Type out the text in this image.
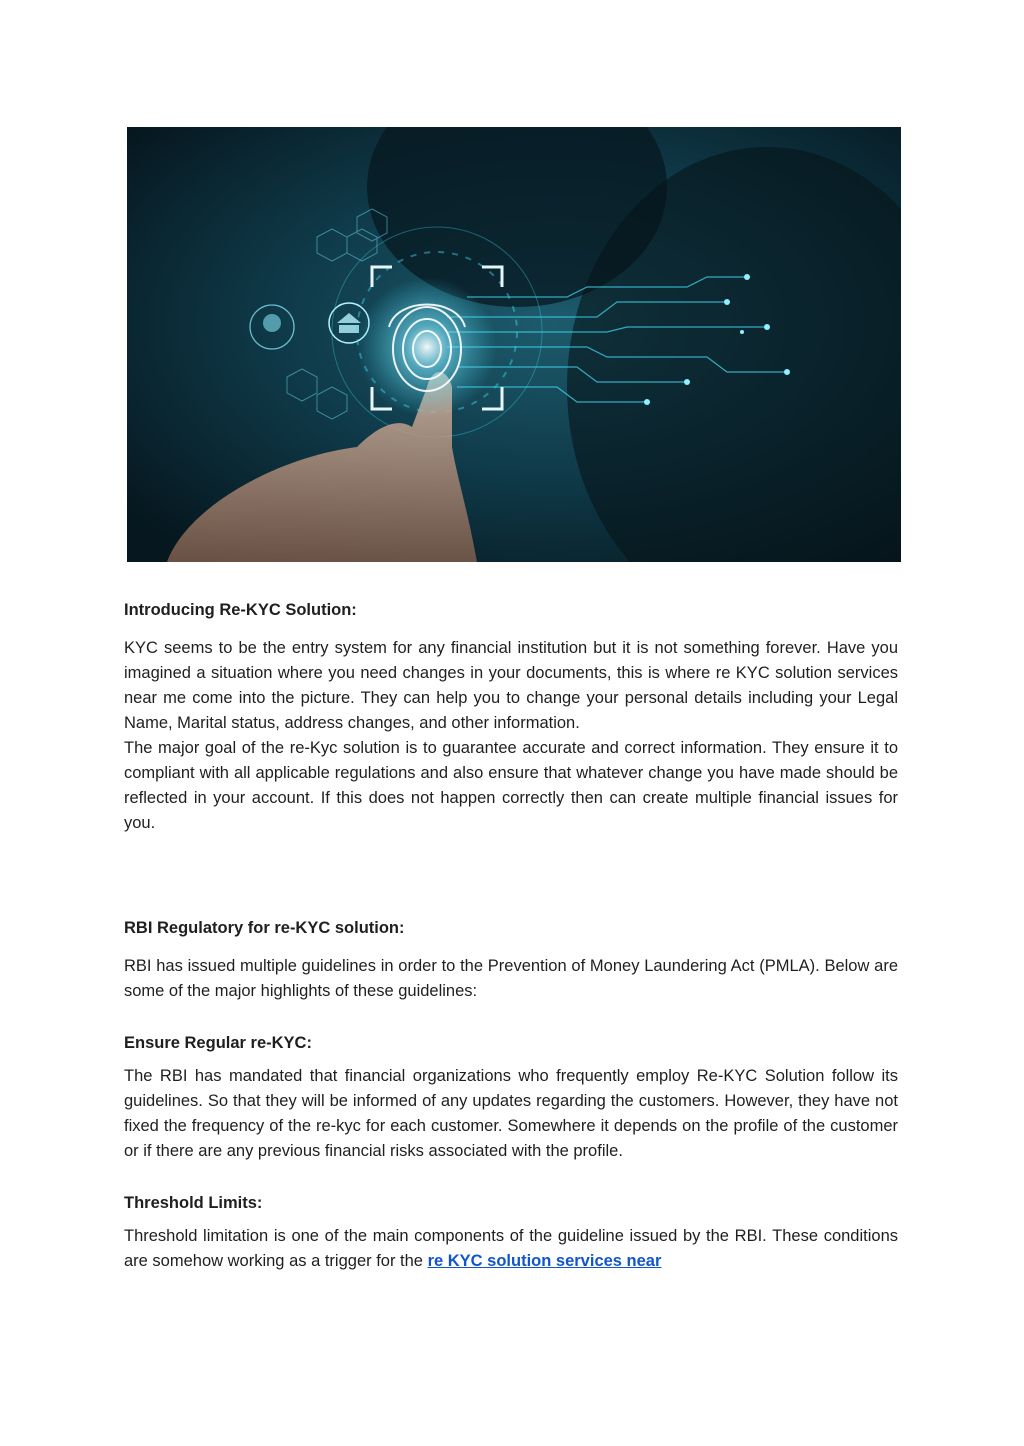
Introducing Re-KYC Solution:

KYC seems to be the entry system for any financial institution but it is not something forever. Have you imagined a situation where you need changes in your documents, this is where re KYC solution services near me come into the picture. They can help you to change your personal details including your Legal Name, Marital status, address changes, and other information.

The major goal of the re-Kyc solution is to guarantee accurate and correct information. They ensure it to compliant with all applicable regulations and also ensure that whatever change you have made should be reflected in your account. If this does not happen correctly then can create multiple financial issues for you.

RBI Regulatory for re-KYC solution:

RBI has issued multiple guidelines in order to the Prevention of Money Laundering Act (PMLA). Below are some of the major highlights of these guidelines:

Ensure Regular re-KYC:

The RBI has mandated that financial organizations who frequently employ Re-KYC Solution follow its guidelines. So that they will be informed of any updates regarding the customers. However, they have not fixed the frequency of the re-kyc for each customer. Somewhere it depends on the profile of the customer or if there are any previous financial risks associated with the profile.

Threshold Limits:

Threshold limitation is one of the main components of the guideline issued by the RBI. These conditions are somehow working as a trigger for the re KYC solution services near
